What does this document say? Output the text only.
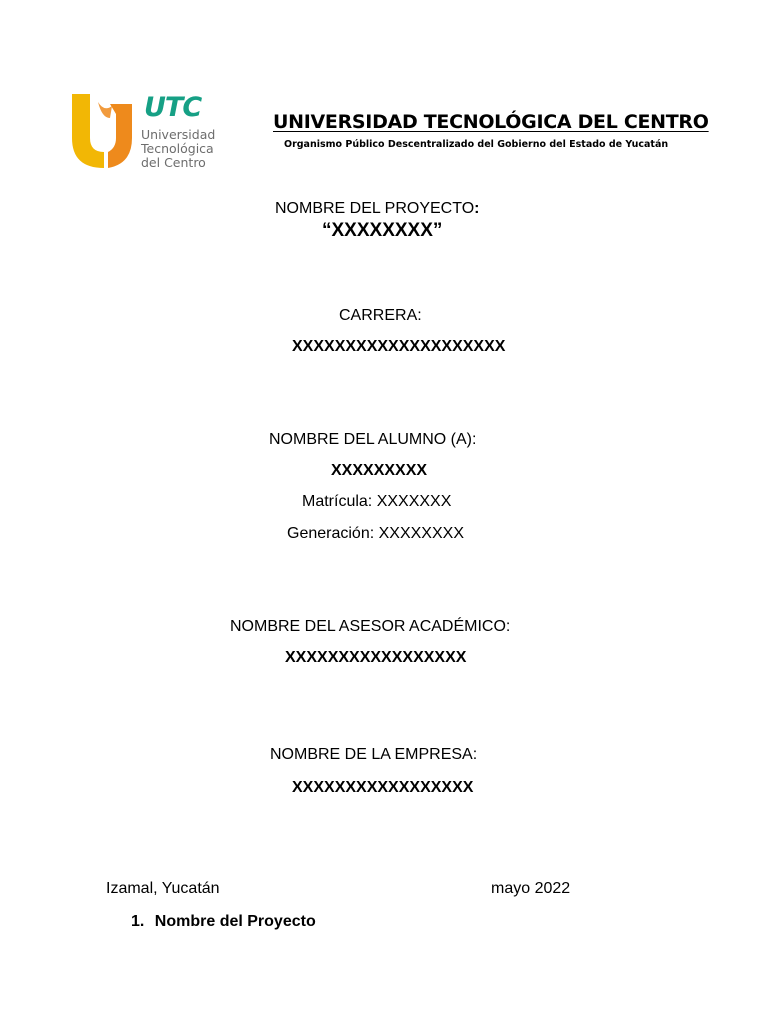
UTC
Universidad
Tecnológica
del Centro
UNIVERSIDAD TECNOLÓGICA DEL CENTRO
Organismo Público Descentralizado del Gobierno del Estado de Yucatán
NOMBRE DEL PROYECTO:
“XXXXXXXX”
CARRERA:
XXXXXXXXXXXXXXXXXXXX
NOMBRE DEL ALUMNO (A):
XXXXXXXXX
Matrícula: XXXXXXX
Generación: XXXXXXXX
NOMBRE DEL ASESOR ACADÉMICO:
XXXXXXXXXXXXXXXXX
NOMBRE DE LA EMPRESA:
XXXXXXXXXXXXXXXXX
Izamal, Yucatán	mayo 2022
1. Nombre del Proyecto
